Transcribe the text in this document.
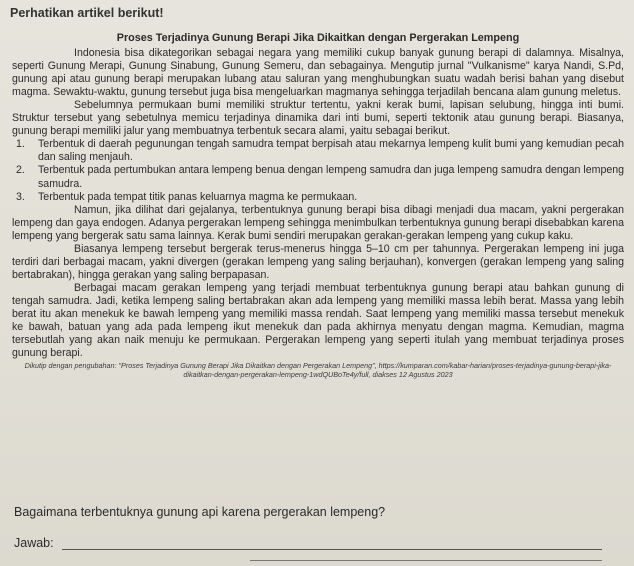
Perhatikan artikel berikut!
Proses Terjadinya Gunung Berapi Jika Dikaitkan dengan Pergerakan Lempeng

Indonesia bisa dikategorikan sebagai negara yang memiliki cukup banyak gunung berapi di dalamnya. Misalnya, seperti Gunung Merapi, Gunung Sinabung, Gunung Semeru, dan sebagainya. Mengutip jurnal "Vulkanisme" karya Nandi, S.Pd, gunung api atau gunung berapi merupakan lubang atau saluran yang menghubungkan suatu wadah berisi bahan yang disebut magma. Sewaktu-waktu, gunung tersebut juga bisa mengeluarkan magmanya sehingga terjadilah bencana alam gunung meletus.

Sebelumnya permukaan bumi memiliki struktur tertentu, yakni kerak bumi, lapisan selubung, hingga inti bumi. Struktur tersebut yang sebetulnya memicu terjadinya dinamika dari inti bumi, seperti tektonik atau gunung berapi. Biasanya, gunung berapi memiliki jalur yang membuatnya terbentuk secara alami, yaitu sebagai berikut.

1. Terbentuk di daerah pegunungan tengah samudra tempat berpisah atau mekarnya lempeng kulit bumi yang kemudian pecah dan saling menjauh.
2. Terbentuk pada pertumbukan antara lempeng benua dengan lempeng samudra dan juga lempeng samudra dengan lempeng samudra.
3. Terbentuk pada tempat titik panas keluarnya magma ke permukaan.

Namun, jika dilihat dari gejalanya, terbentuknya gunung berapi bisa dibagi menjadi dua macam, yakni pergerakan lempeng dan gaya endogen. Adanya pergerakan lempeng sehingga menimbulkan terbentuknya gunung berapi disebabkan karena lempeng yang bergerak satu sama lainnya. Kerak bumi sendiri merupakan gerakan-gerakan lempeng yang cukup kaku.

Biasanya lempeng tersebut bergerak terus-menerus hingga 5–10 cm per tahunnya. Pergerakan lempeng ini juga terdiri dari berbagai macam, yakni divergen (gerakan lempeng yang saling berjauhan), konvergen (gerakan lempeng yang saling bertabrakan), hingga gerakan yang saling berpapasan.

Berbagai macam gerakan lempeng yang terjadi membuat terbentuknya gunung berapi atau bahkan gunung di tengah samudra. Jadi, ketika lempeng saling bertabrakan akan ada lempeng yang memiliki massa lebih berat. Massa yang lebih berat itu akan menekuk ke bawah lempeng yang memiliki massa rendah. Saat lempeng yang memiliki massa tersebut menekuk ke bawah, batuan yang ada pada lempeng ikut menekuk dan pada akhirnya menyatu dengan magma. Kemudian, magma tersebutlah yang akan naik menuju ke permukaan. Pergerakan lempeng yang seperti itulah yang membuat terjadinya proses gunung berapi.

Dikutip dengan pengubahan: "Proses Terjadinya Gunung Berapi Jika Dikaitkan dengan Pergerakan Lempeng", https://kumparan.com/kabar-harian/proses-terjadinya-gunung-berapi-jika-dikaitkan-dengan-pergerakan-lempeng-1wdQUBoTe4y/full, diakses 12 Agustus 2023
Bagaimana terbentuknya gunung api karena pergerakan lempeng?
Jawab:
